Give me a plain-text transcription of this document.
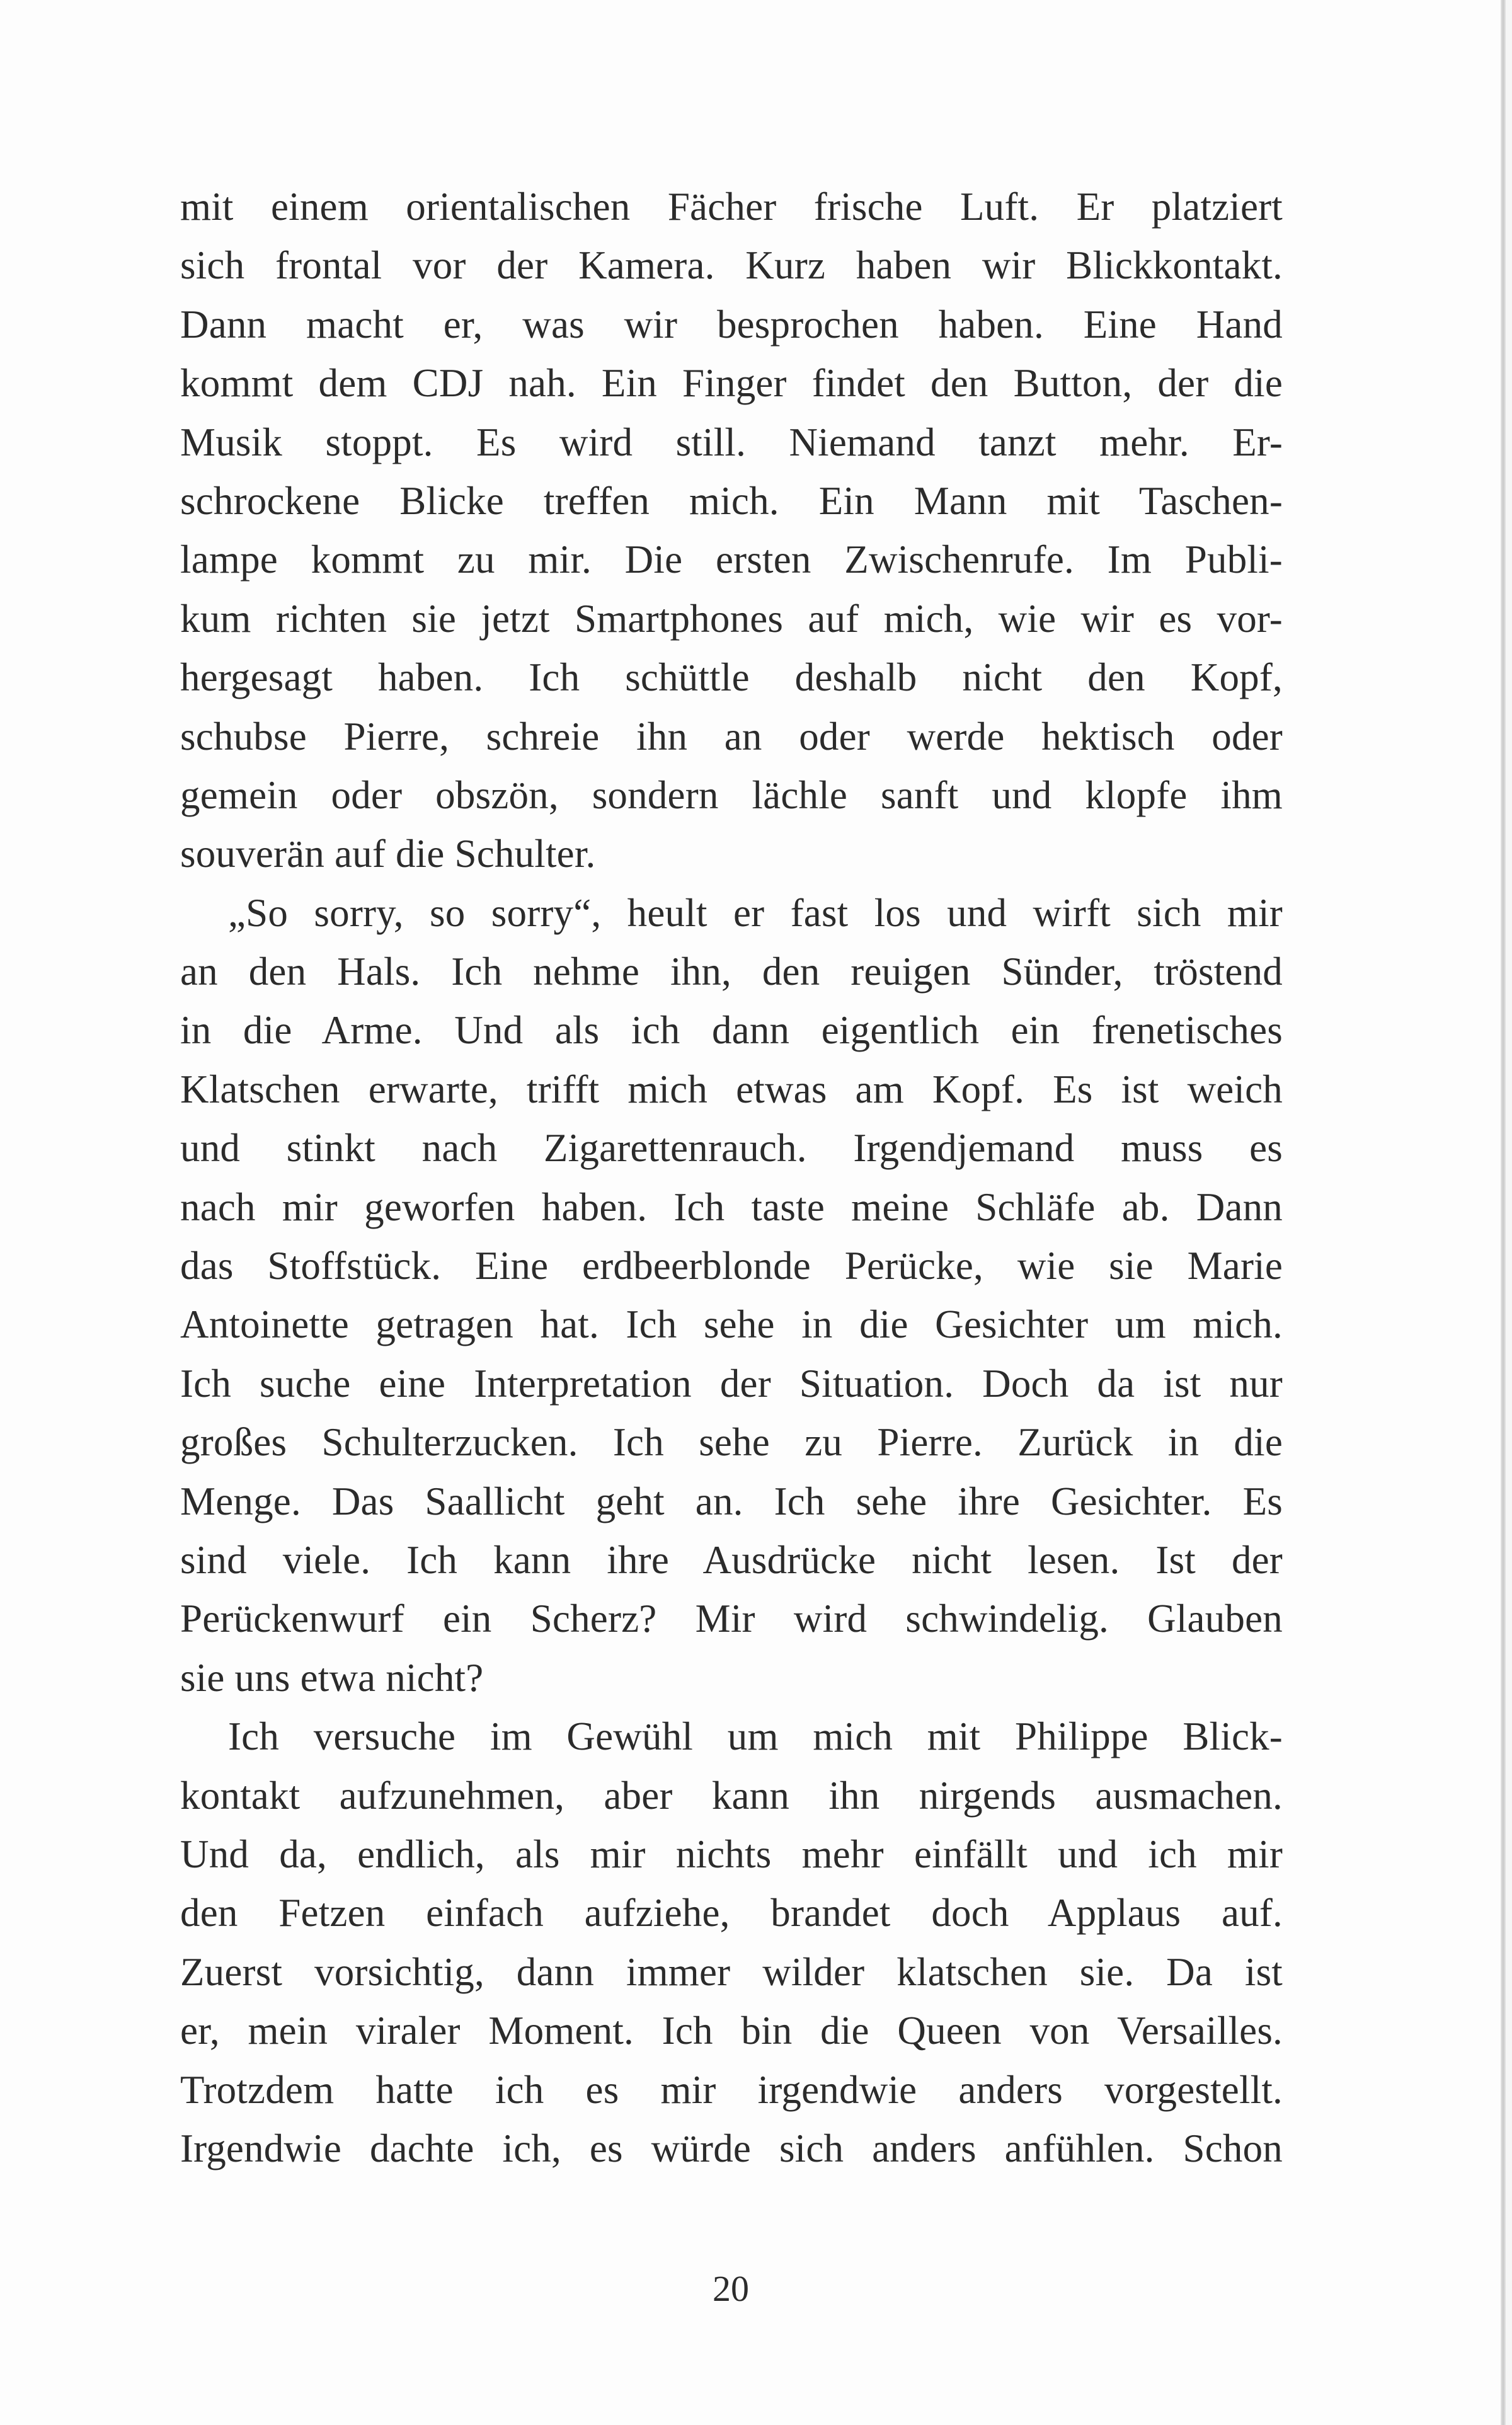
mit einem orientalischen Fächer frische Luft. Er platziert
sich frontal vor der Kamera. Kurz haben wir Blickkontakt.
Dann macht er, was wir besprochen haben. Eine Hand
kommt dem CDJ nah. Ein Finger findet den Button, der die
Musik stoppt. Es wird still. Niemand tanzt mehr. Er-
schrockene Blicke treffen mich. Ein Mann mit Taschen-
lampe kommt zu mir. Die ersten Zwischenrufe. Im Publi-
kum richten sie jetzt Smartphones auf mich, wie wir es vor-
hergesagt haben. Ich schüttle deshalb nicht den Kopf,
schubse Pierre, schreie ihn an oder werde hektisch oder
gemein oder obszön, sondern lächle sanft und klopfe ihm
souverän auf die Schulter.
„So sorry, so sorry“, heult er fast los und wirft sich mir
an den Hals. Ich nehme ihn, den reuigen Sünder, tröstend
in die Arme. Und als ich dann eigentlich ein frenetisches
Klatschen erwarte, trifft mich etwas am Kopf. Es ist weich
und stinkt nach Zigarettenrauch. Irgendjemand muss es
nach mir geworfen haben. Ich taste meine Schläfe ab. Dann
das Stoffstück. Eine erdbeerblonde Perücke, wie sie Marie
Antoinette getragen hat. Ich sehe in die Gesichter um mich.
Ich suche eine Interpretation der Situation. Doch da ist nur
großes Schulterzucken. Ich sehe zu Pierre. Zurück in die
Menge. Das Saallicht geht an. Ich sehe ihre Gesichter. Es
sind viele. Ich kann ihre Ausdrücke nicht lesen. Ist der
Perückenwurf ein Scherz? Mir wird schwindelig. Glauben
sie uns etwa nicht?
Ich versuche im Gewühl um mich mit Philippe Blick-
kontakt aufzunehmen, aber kann ihn nirgends ausmachen.
Und da, endlich, als mir nichts mehr einfällt und ich mir
den Fetzen einfach aufziehe, brandet doch Applaus auf.
Zuerst vorsichtig, dann immer wilder klatschen sie. Da ist
er, mein viraler Moment. Ich bin die Queen von Versailles.
Trotzdem hatte ich es mir irgendwie anders vorgestellt.
Irgendwie dachte ich, es würde sich anders anfühlen. Schon
20
